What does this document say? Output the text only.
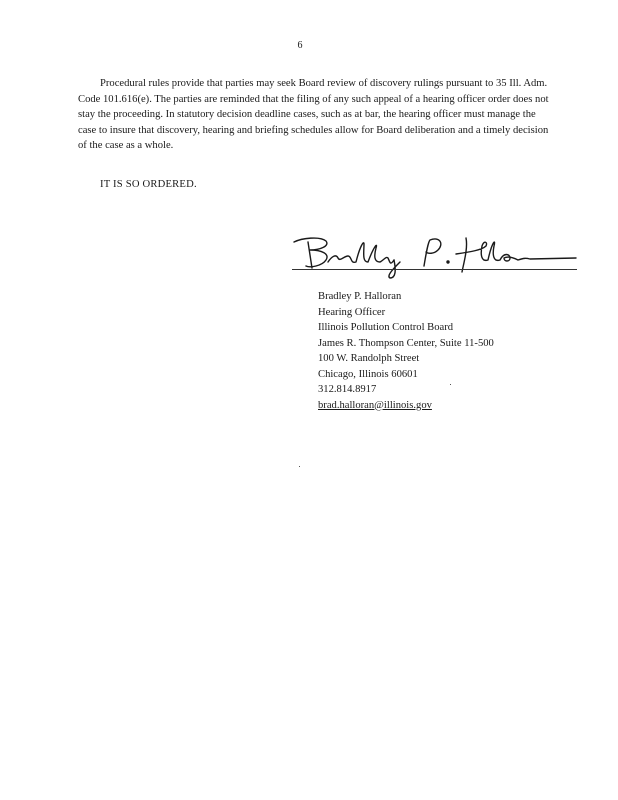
6

Procedural rules provide that parties may seek Board review of discovery rulings pursuant to 35 Ill. Adm. Code 101.616(e). The parties are reminded that the filing of any such appeal of a hearing officer order does not stay the proceeding. In statutory decision deadline cases, such as at bar, the hearing officer must manage the case to insure that discovery, hearing and briefing schedules allow for Board deliberation and a timely decision of the case as a whole.

IT IS SO ORDERED.
Bradley P. Halloran
Hearing Officer
Illinois Pollution Control Board
James R. Thompson Center, Suite 11-500
100 W. Randolph Street
Chicago, Illinois 60601
312.814.8917
brad.halloran@illinois.gov
